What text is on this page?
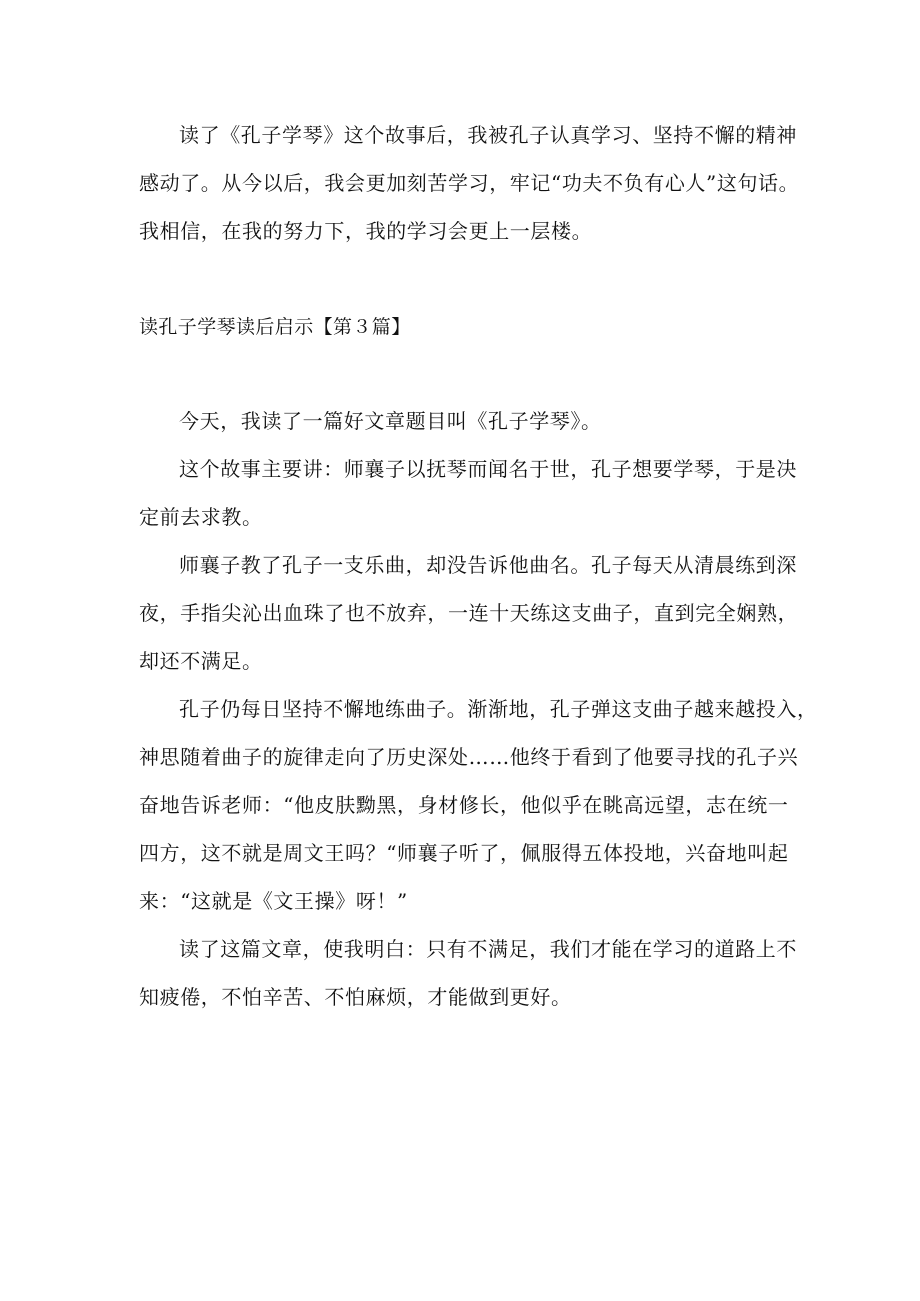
读了《孔子学琴》这个故事后，我被孔子认真学习、坚持不懈的精神
感动了。从今以后，我会更加刻苦学习，牢记“功夫不负有心人”这句话。
我相信，在我的努力下，我的学习会更上一层楼。
读孔子学琴读后启示【第３篇】
今天，我读了一篇好文章题目叫《孔子学琴》。
这个故事主要讲：师襄子以抚琴而闻名于世，孔子想要学琴，于是决
定前去求教。
师襄子教了孔子一支乐曲，却没告诉他曲名。孔子每天从清晨练到深
夜，手指尖沁出血珠了也不放弃，一连十天练这支曲子，直到完全娴熟，
却还不满足。
孔子仍每日坚持不懈地练曲子。渐渐地，孔子弹这支曲子越来越投入，
神思随着曲子的旋律走向了历史深处……他终于看到了他要寻找的孔子兴
奋地告诉老师：“他皮肤黝黑，身材修长，他似乎在眺高远望，志在统一
四方，这不就是周文王吗？“师襄子听了，佩服得五体投地，兴奋地叫起
来：“这就是《文王操》呀！”
读了这篇文章，使我明白：只有不满足，我们才能在学习的道路上不
知疲倦，不怕辛苦、不怕麻烦，才能做到更好。
